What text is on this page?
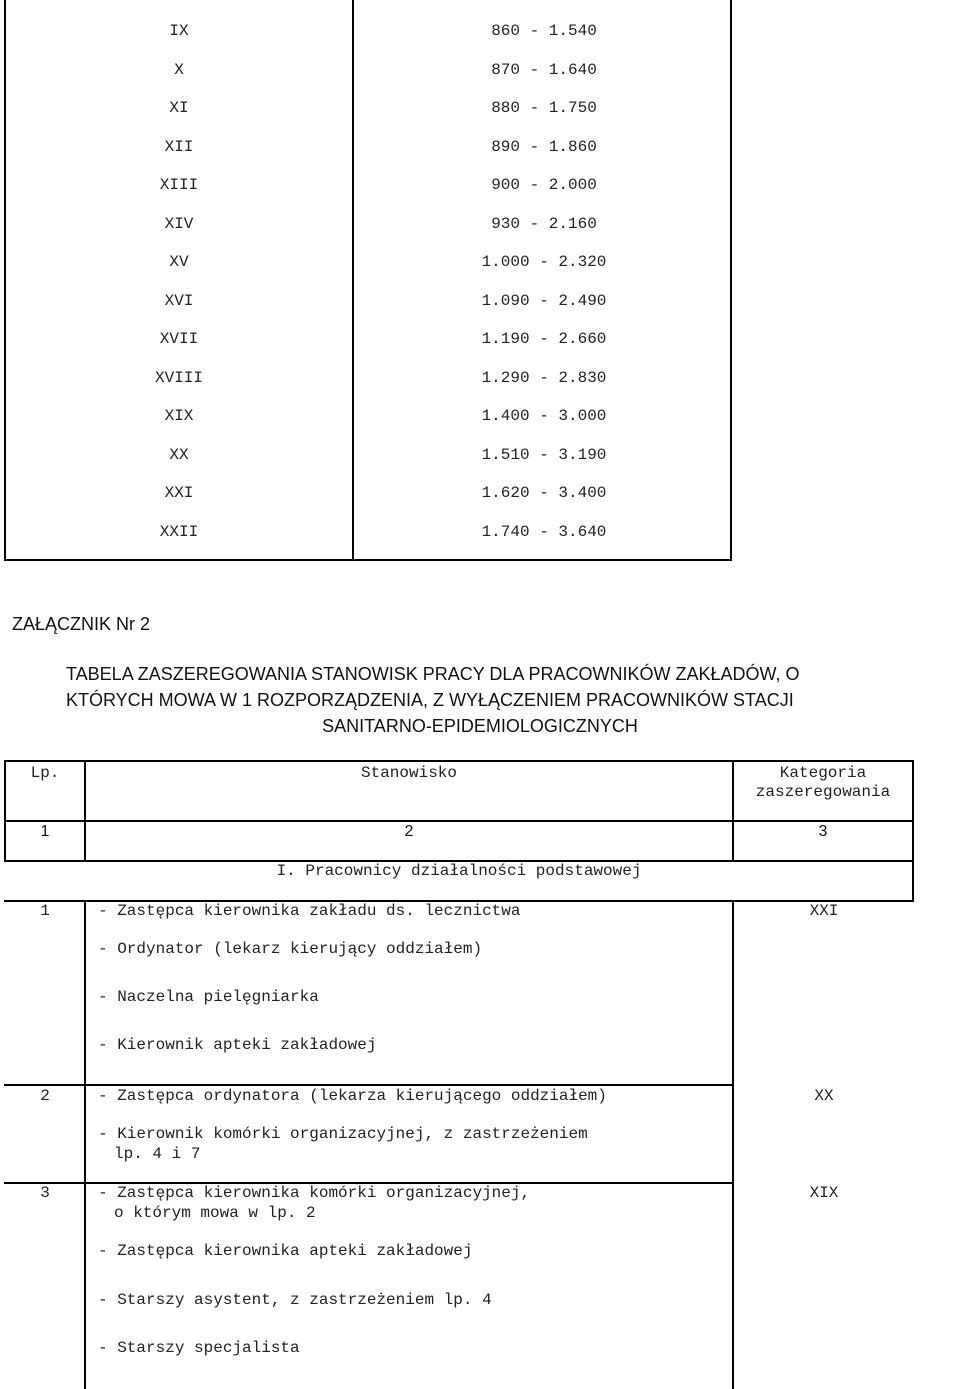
IX	860 - 1.540
X	870 - 1.640
XI	880 - 1.750
XII	890 - 1.860
XIII	900 - 2.000
XIV	930 - 2.160
XV	1.000 - 2.320
XVI	1.090 - 2.490
XVII	1.190 - 2.660
XVIII	1.290 - 2.830
XIX	1.400 - 3.000
XX	1.510 - 3.190
XXI	1.620 - 3.400
XXII	1.740 - 3.640
ZAŁĄCZNIK Nr 2
TABELA ZASZEREGOWANIA STANOWISK PRACY DLA PRACOWNIKÓW ZAKŁADÓW, O
KTÓRYCH MOWA W 1 ROZPORZĄDZENIA, Z WYŁĄCZENIEM PRACOWNIKÓW STACJI
SANITARNO-EPIDEMIOLOGICZNYCH
Lp.	Stanowisko	Kategoria
zaszeregowania
1	2	3
I. Pracownicy działalności podstawowej
1	- Zastępca kierownika zakładu ds. lecznictwa
- Ordynator (lekarz kierujący oddziałem)
- Naczelna pielęgniarka
- Kierownik apteki zakładowej
XXI
2	- Zastępca ordynatora (lekarza kierującego oddziałem)
- Kierownik komórki organizacyjnej, z zastrzeżeniem
lp. 4 i 7
XX
3	- Zastępca kierownika komórki organizacyjnej,
o którym mowa w lp. 2
- Zastępca kierownika apteki zakładowej
- Starszy asystent, z zastrzeżeniem lp. 4
- Starszy specjalista
XIX
